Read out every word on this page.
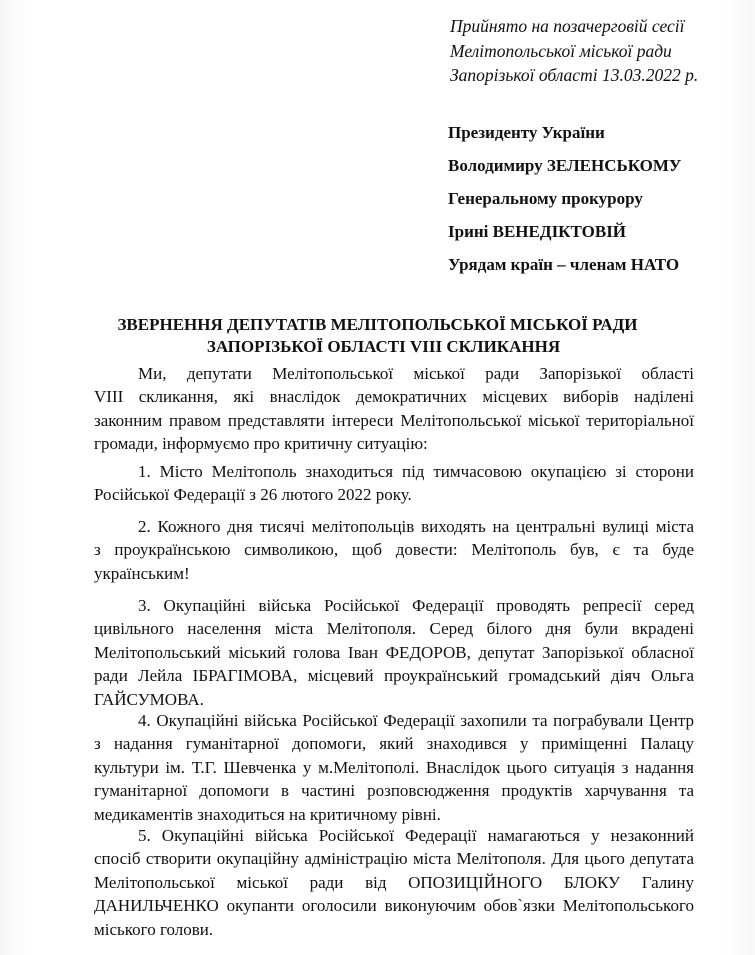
Прийнято на позачерговій сесії
Мелітопольської міської ради
Запорізької області 13.03.2022 р.
Президенту України
Володимиру ЗЕЛЕНСЬКОМУ
Генеральному прокурору
Ірині ВЕНЕДІКТОВІЙ
Урядам країн – членам НАТО
ЗВЕРНЕННЯ ДЕПУТАТІВ МЕЛІТОПОЛЬСЬКОЇ МІСЬКОЇ РАДИ
ЗАПОРІЗЬКОЇ ОБЛАСТІ VIII СКЛИКАННЯ
Ми, депутати Мелітопольської міської ради Запорізької області
VIII скликання, які внаслідок демократичних місцевих виборів наділені
законним правом представляти інтереси Мелітопольської міської територіальної
громади, інформуємо про критичну ситуацію:
1. Місто Мелітополь знаходиться під тимчасовою окупацією зі сторони
Російської Федерації з 26 лютого 2022 року.
2. Кожного дня тисячі мелітопольців виходять на центральні вулиці міста
з проукраїнською символикою, щоб довести: Мелітополь був, є та буде
українським!
3. Окупаційні війська Російської Федерації проводять репресії серед
цивільного населення міста Мелітополя. Серед білого дня були вкрадені
Мелітопольський міський голова Іван ФЕДОРОВ, депутат Запорізької обласної
ради Лейла ІБРАГІМОВА, місцевий проукраїнський громадський діяч Ольга
ГАЙСУМОВА.
4. Окупаційні війська Російської Федерації захопили та пограбували Центр
з надання гуманітарної допомоги, який знаходився у приміщенні Палацу
культури ім. Т.Г. Шевченка у м.Мелітополі. Внаслідок цього ситуація з надання
гуманітарної допомоги в частині розповсюдження продуктів харчування та
медикаментів знаходиться на критичному рівні.
5. Окупаційні війська Російської Федерації намагаються у незаконний
спосіб створити окупаційну адміністрацію міста Мелітополя. Для цього депутата
Мелітопольської міської ради від ОПОЗИЦІЙНОГО БЛОКУ Галину
ДАНИЛЬЧЕНКО окупанти оголосили виконуючим обов`язки Мелітопольського
міського голови.
